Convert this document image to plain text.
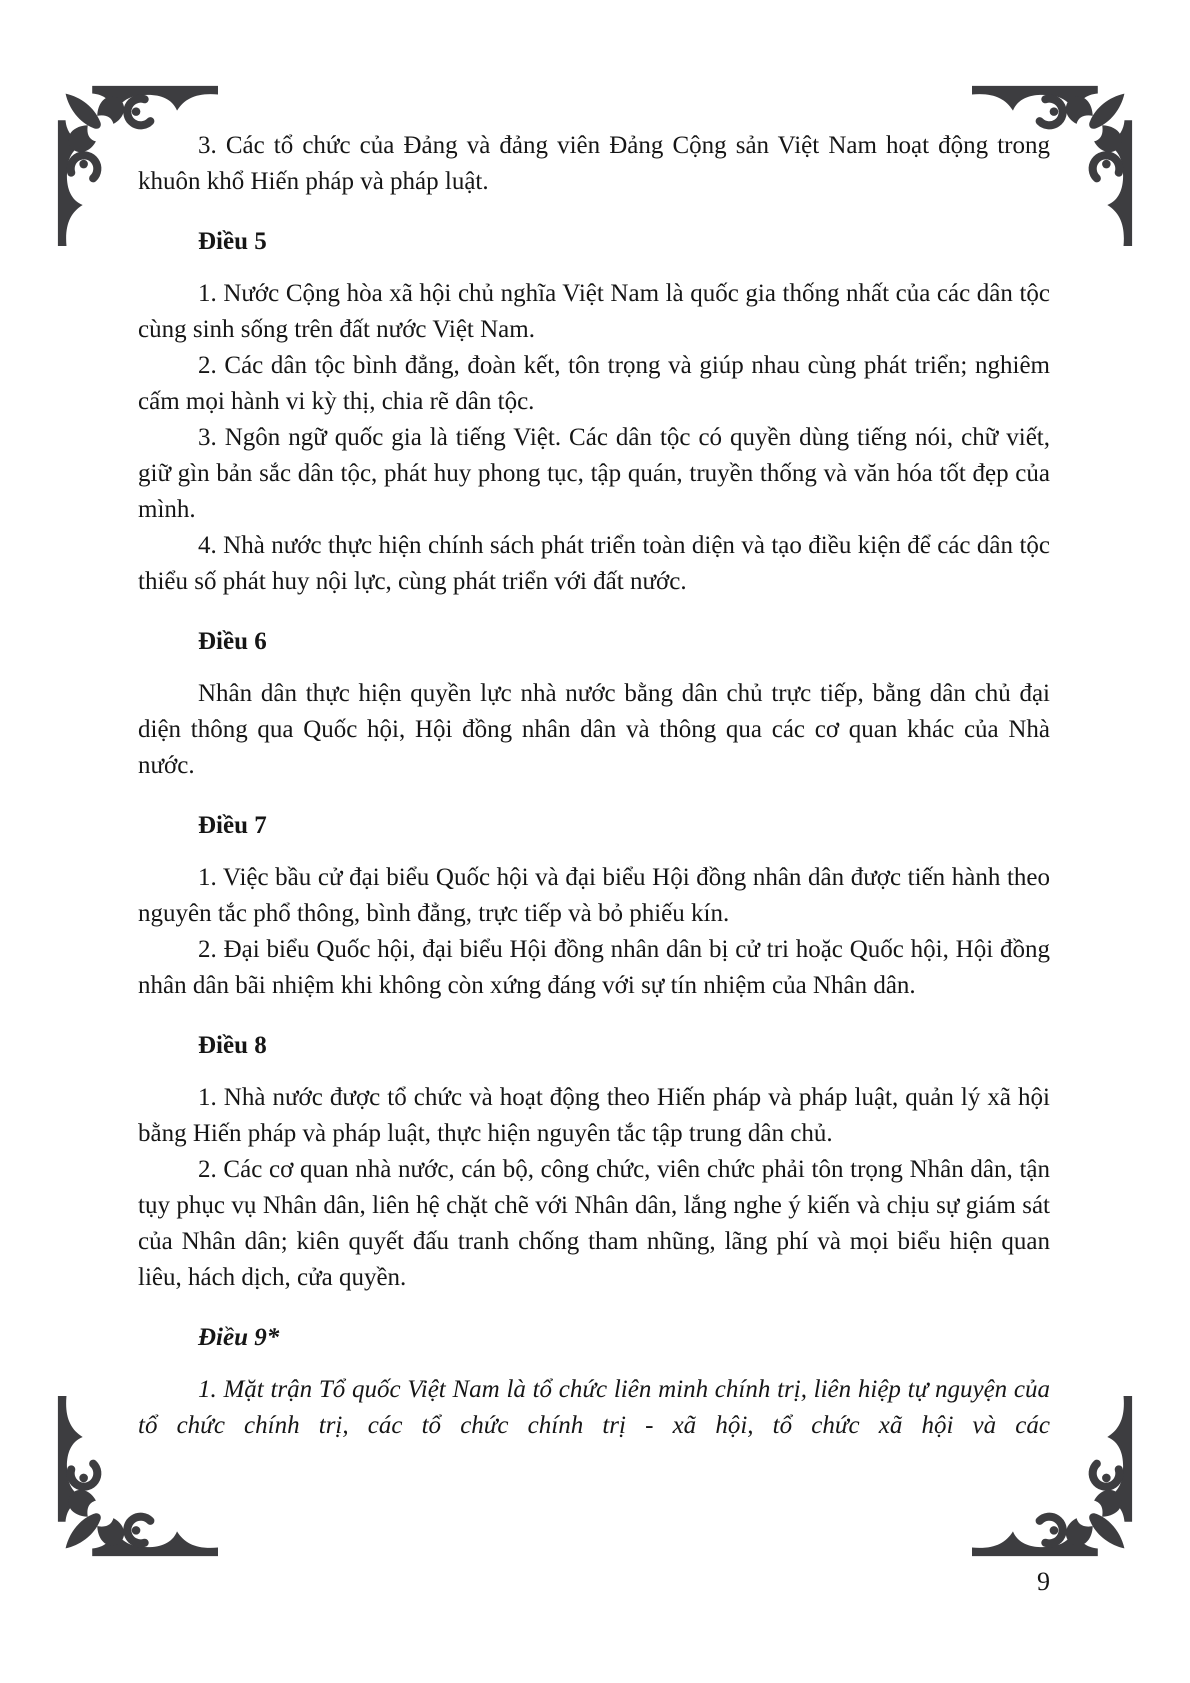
3. Các tổ chức của Đảng và đảng viên Đảng Cộng sản Việt Nam hoạt động trong khuôn khổ Hiến pháp và pháp luật.

Điều 5

1. Nước Cộng hòa xã hội chủ nghĩa Việt Nam là quốc gia thống nhất của các dân tộc cùng sinh sống trên đất nước Việt Nam.

2. Các dân tộc bình đẳng, đoàn kết, tôn trọng và giúp nhau cùng phát triển; nghiêm cấm mọi hành vi kỳ thị, chia rẽ dân tộc.

3. Ngôn ngữ quốc gia là tiếng Việt. Các dân tộc có quyền dùng tiếng nói, chữ viết, giữ gìn bản sắc dân tộc, phát huy phong tục, tập quán, truyền thống và văn hóa tốt đẹp của mình.

4. Nhà nước thực hiện chính sách phát triển toàn diện và tạo điều kiện để các dân tộc thiểu số phát huy nội lực, cùng phát triển với đất nước.

Điều 6

Nhân dân thực hiện quyền lực nhà nước bằng dân chủ trực tiếp, bằng dân chủ đại diện thông qua Quốc hội, Hội đồng nhân dân và thông qua các cơ quan khác của Nhà nước.

Điều 7

1. Việc bầu cử đại biểu Quốc hội và đại biểu Hội đồng nhân dân được tiến hành theo nguyên tắc phổ thông, bình đẳng, trực tiếp và bỏ phiếu kín.

2. Đại biểu Quốc hội, đại biểu Hội đồng nhân dân bị cử tri hoặc Quốc hội, Hội đồng nhân dân bãi nhiệm khi không còn xứng đáng với sự tín nhiệm của Nhân dân.

Điều 8

1. Nhà nước được tổ chức và hoạt động theo Hiến pháp và pháp luật, quản lý xã hội bằng Hiến pháp và pháp luật, thực hiện nguyên tắc tập trung dân chủ.

2. Các cơ quan nhà nước, cán bộ, công chức, viên chức phải tôn trọng Nhân dân, tận tụy phục vụ Nhân dân, liên hệ chặt chẽ với Nhân dân, lắng nghe ý kiến và chịu sự giám sát của Nhân dân; kiên quyết đấu tranh chống tham nhũng, lãng phí và mọi biểu hiện quan liêu, hách dịch, cửa quyền.

Điều 9*

1. Mặt trận Tổ quốc Việt Nam là tổ chức liên minh chính trị, liên hiệp tự nguyện của tổ chức chính trị, các tổ chức chính trị - xã hội, tổ chức xã hội và các

9
